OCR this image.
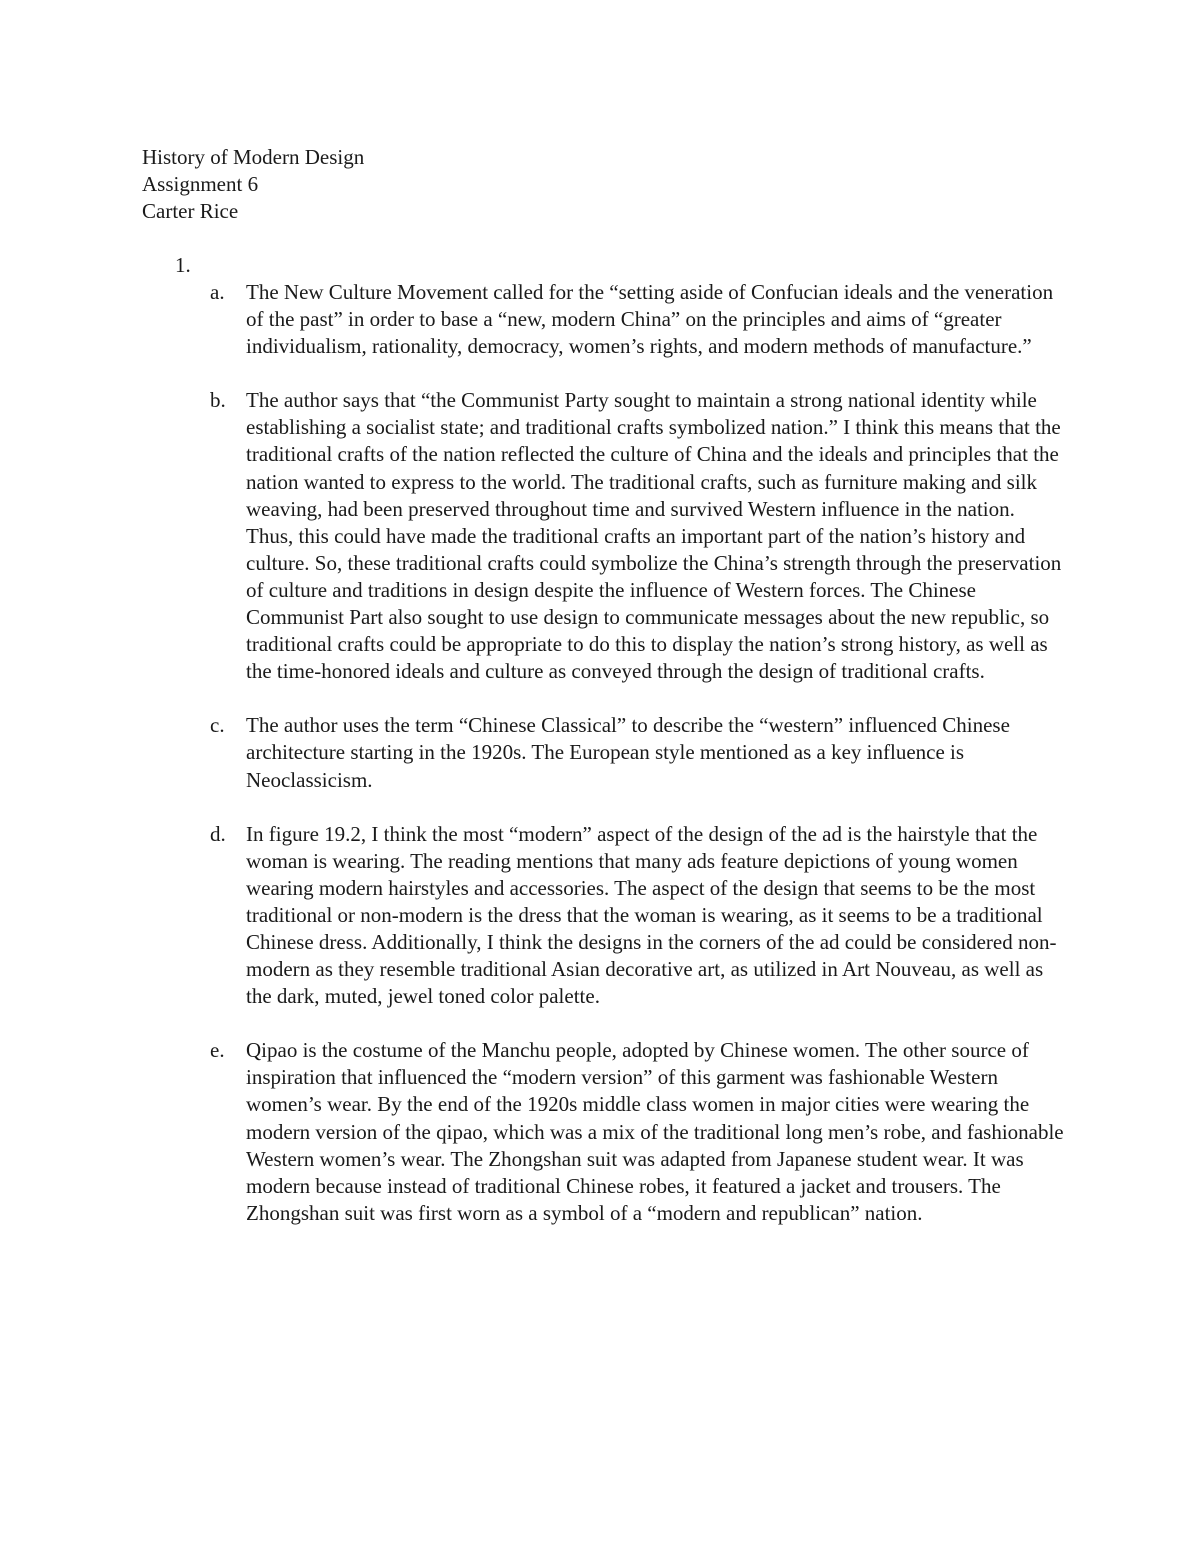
History of Modern Design
Assignment 6
Carter Rice
1.
a. The New Culture Movement called for the “setting aside of Confucian ideals and the veneration of the past” in order to base a “new, modern China” on the principles and aims of “greater individualism, rationality, democracy, women’s rights, and modern methods of manufacture.”
b. The author says that “the Communist Party sought to maintain a strong national identity while establishing a socialist state; and traditional crafts symbolized nation.” I think this means that the traditional crafts of the nation reflected the culture of China and the ideals and principles that the nation wanted to express to the world. The traditional crafts, such as furniture making and silk weaving, had been preserved throughout time and survived Western influence in the nation. Thus, this could have made the traditional crafts an important part of the nation’s history and culture. So, these traditional crafts could symbolize the China’s strength through the preservation of culture and traditions in design despite the influence of Western forces. The Chinese Communist Part also sought to use design to communicate messages about the new republic, so traditional crafts could be appropriate to do this to display the nation’s strong history, as well as the time-honored ideals and culture as conveyed through the design of traditional crafts.
c. The author uses the term “Chinese Classical” to describe the “western” influenced Chinese architecture starting in the 1920s. The European style mentioned as a key influence is Neoclassicism.
d. In figure 19.2, I think the most “modern” aspect of the design of the ad is the hairstyle that the woman is wearing. The reading mentions that many ads feature depictions of young women wearing modern hairstyles and accessories. The aspect of the design that seems to be the most traditional or non-modern is the dress that the woman is wearing, as it seems to be a traditional Chinese dress. Additionally, I think the designs in the corners of the ad could be considered non-modern as they resemble traditional Asian decorative art, as utilized in Art Nouveau, as well as the dark, muted, jewel toned color palette.
e. Qipao is the costume of the Manchu people, adopted by Chinese women. The other source of inspiration that influenced the “modern version” of this garment was fashionable Western women’s wear. By the end of the 1920s middle class women in major cities were wearing the modern version of the qipao, which was a mix of the traditional long men’s robe, and fashionable Western women’s wear. The Zhongshan suit was adapted from Japanese student wear. It was modern because instead of traditional Chinese robes, it featured a jacket and trousers. The Zhongshan suit was first worn as a symbol of a “modern and republican” nation.
